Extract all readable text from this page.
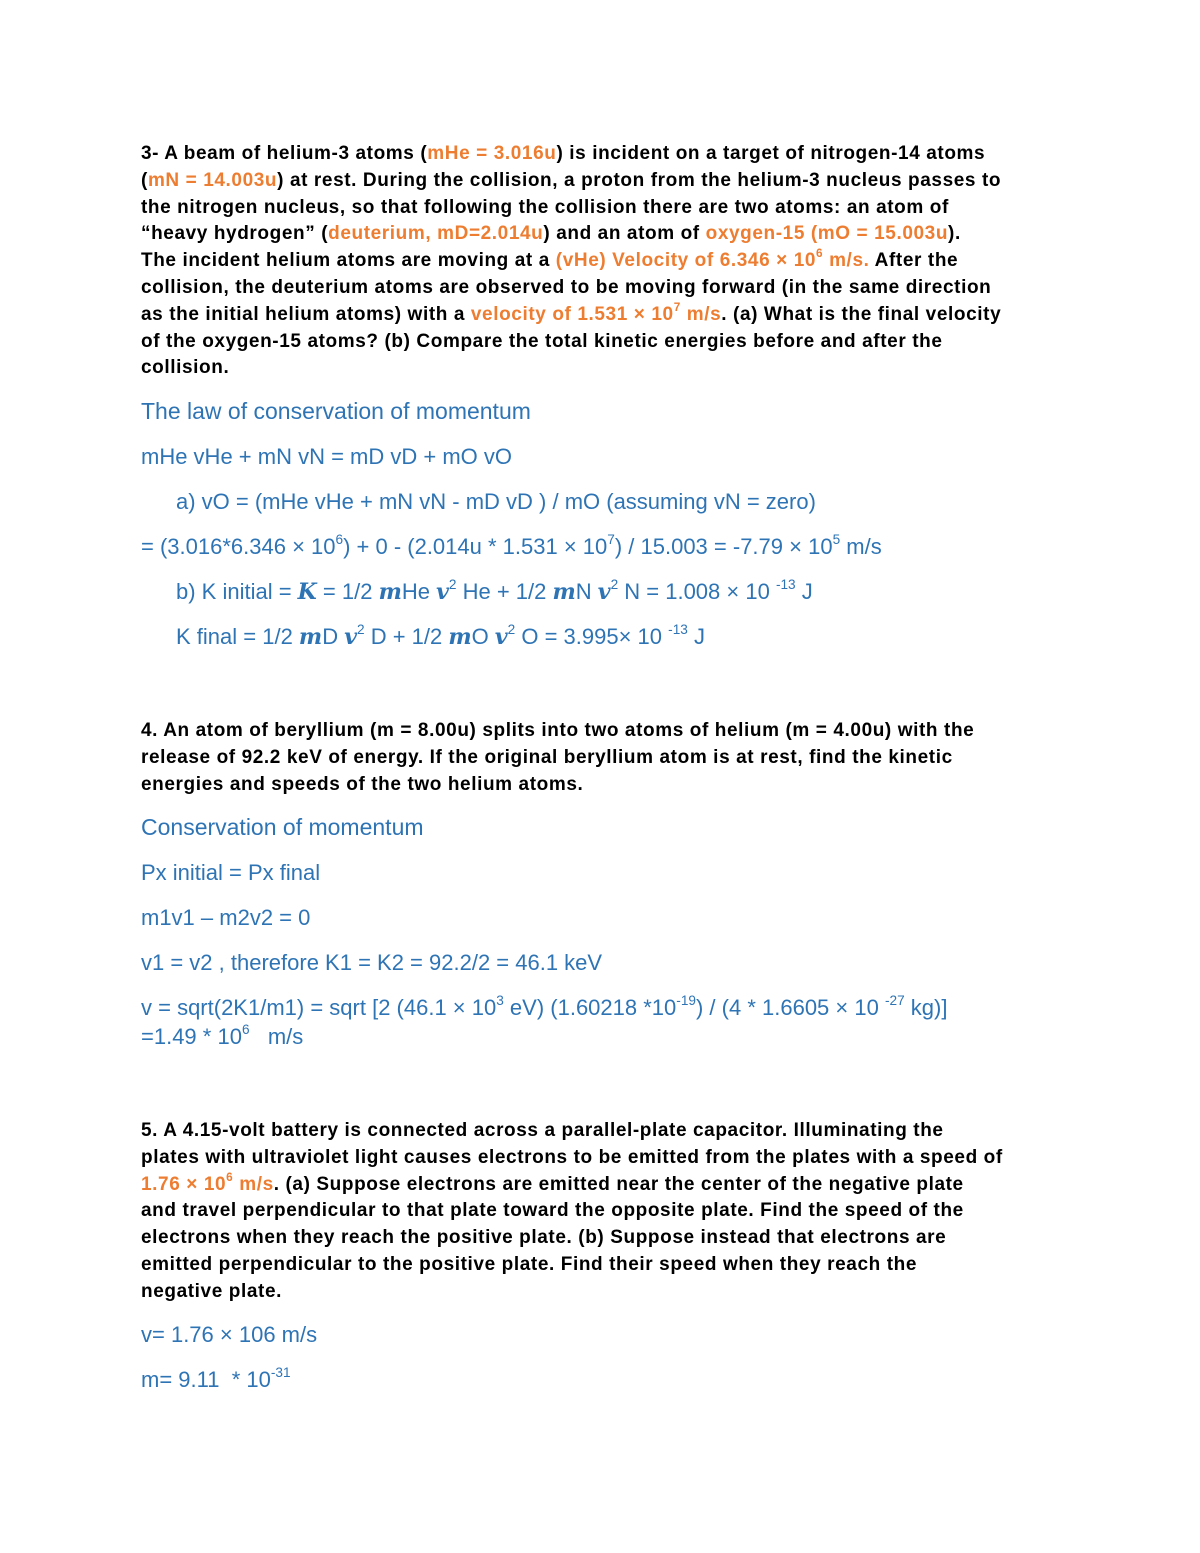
3- A beam of helium-3 atoms (mHe = 3.016u) is incident on a target of nitrogen-14 atoms
(mN = 14.003u) at rest. During the collision, a proton from the helium-3 nucleus passes to
the nitrogen nucleus, so that following the collision there are two atoms: an atom of
“heavy hydrogen” (deuterium, mD=2.014u) and an atom of oxygen-15 (mO = 15.003u).
The incident helium atoms are moving at a (vHe) Velocity of $6.346 \times 10^6$ m/s. After the
collision, the deuterium atoms are observed to be moving forward (in the same direction
as the initial helium atoms) with a velocity of $1.531 \times 10^7$ m/s. (a) What is the final velocity
of the oxygen-15 atoms? (b) Compare the total kinetic energies before and after the
collision.
The law of conservation of momentum
mHe vHe + mN vN = mD vD + mO vO
a) vO = (mHe vHe + mN vN - mD vD ) / mO (assuming vN = zero)
= $(3.016*6.346 \times 10^6) + 0 - (2.014u * 1.531 \times 10^7) / 15.003 = -7.79 \times 10^5$ m/s
b) K initial = K = 1/2 mHe $v^2$ He + 1/2 mN $v^2$ N = 1.008 × 10 $^{-13}$ J
K final = 1/2 mD $v^2$ D + 1/2 mO $v^2$ O = 3.995× 10 $^{-13}$ J
4. An atom of beryllium (m = 8.00u) splits into two atoms of helium (m = 4.00u) with the
release of 92.2 keV of energy. If the original beryllium atom is at rest, find the kinetic
energies and speeds of the two helium atoms.
Conservation of momentum
Px initial = Px final
m1v1 – m2v2 = 0
v1 = v2 , therefore K1 = K2 = 92.2/2 = 46.1 keV
v = sqrt(2K1/m1) = sqrt [2 ($46.1 \times 10^3$ eV) (1.60218 $*10^{-19}) / (4 * 1.6605 \times 10$ $^{-27}$ kg)]
$=1.49 * 10^6$   m/s
5. A 4.15-volt battery is connected across a parallel-plate capacitor. Illuminating the
plates with ultraviolet light causes electrons to be emitted from the plates with a speed of
$1.76 \times 10^6$ m/s. (a) Suppose electrons are emitted near the center of the negative plate
and travel perpendicular to that plate toward the opposite plate. Find the speed of the
electrons when they reach the positive plate. (b) Suppose instead that electrons are
emitted perpendicular to the positive plate. Find their speed when they reach the
negative plate.
v= 1.76 × 106 m/s
$m= 9.11 * 10^{-31}$
